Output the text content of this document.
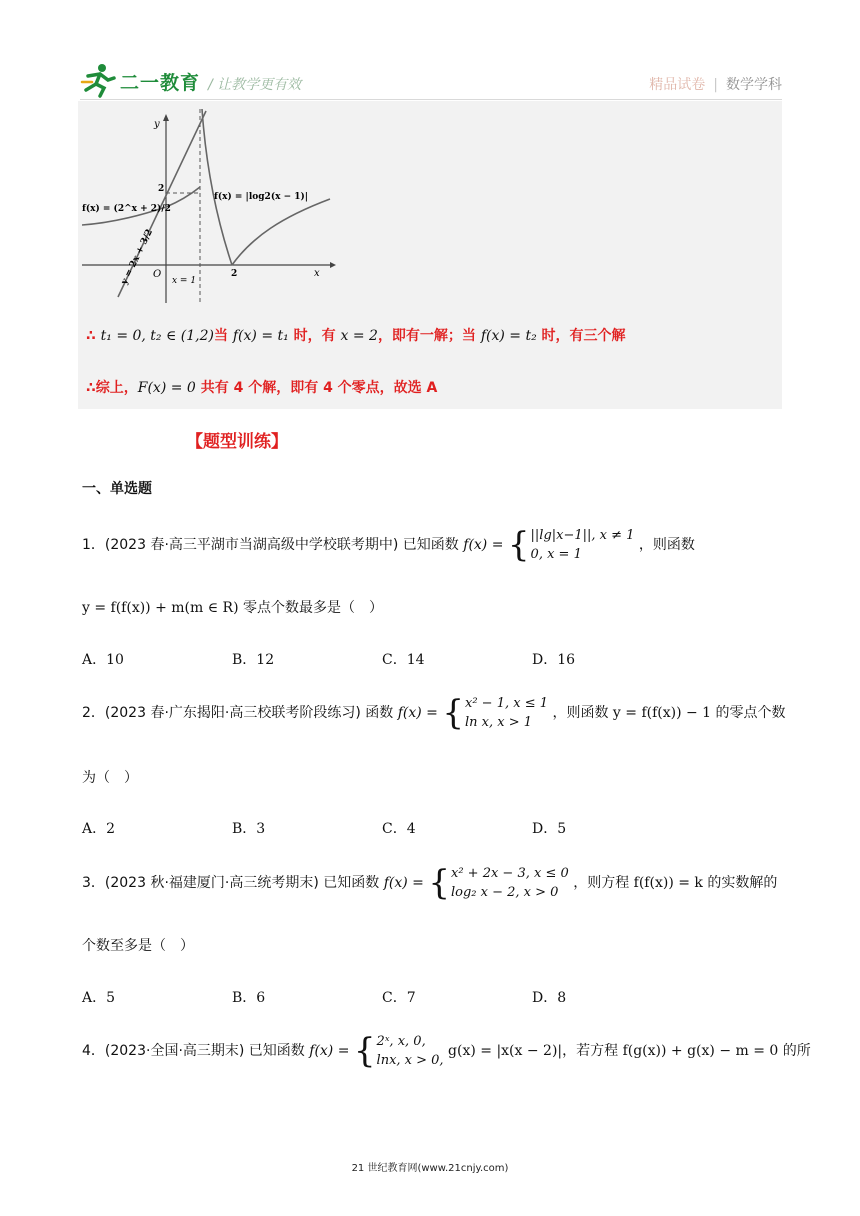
二一教育 / 让教学更有效	精品试卷 | 数学学科
y
x
O
x = 1
2
2
f(x) = (2^x + 2)/2
f(x) = |log2(x − 1)|
y = 2x + 3/2
∴ t₁ = 0, t₂ ∈ (1,2)当 f(x) = t₁ 时，有 x = 2，即有一解；当 f(x) = t₂ 时，有三个解
∴综上，F(x) = 0 共有 4 个解，即有 4 个零点，故选 A
【题型训练】
一、单选题
1．(2023 春·高三平湖市当湖高级中学校联考期中) 已知函数 f(x) = {||lg|x−1||, x ≠ 1
0, x = 1 ，则函数
y = f(f(x)) + m(m ∈ R) 零点个数最多是（　）
A．10	B．12	C．14	D．16
2．(2023 春·广东揭阳·高三校联考阶段练习) 函数 f(x) = {x² − 1, x ≤ 1
ln x, x > 1 ，则函数 y = f(f(x)) − 1 的零点个数
为（　）
A．2	B．3	C．4	D．5
3．(2023 秋·福建厦门·高三统考期末) 已知函数 f(x) = {x² + 2x − 3, x ≤ 0
log₂ x − 2, x > 0 ，则方程 f(f(x)) = k 的实数解的
个数至多是（　）
A．5	B．6	C．7	D．8
4．(2023·全国·高三期末) 已知函数 f(x) = {2ˣ, x, 0,
lnx, x > 0, g(x) = |x(x − 2)|，若方程 f(g(x)) + g(x) − m = 0 的所
21 世纪教育网(www.21cnjy.com)
